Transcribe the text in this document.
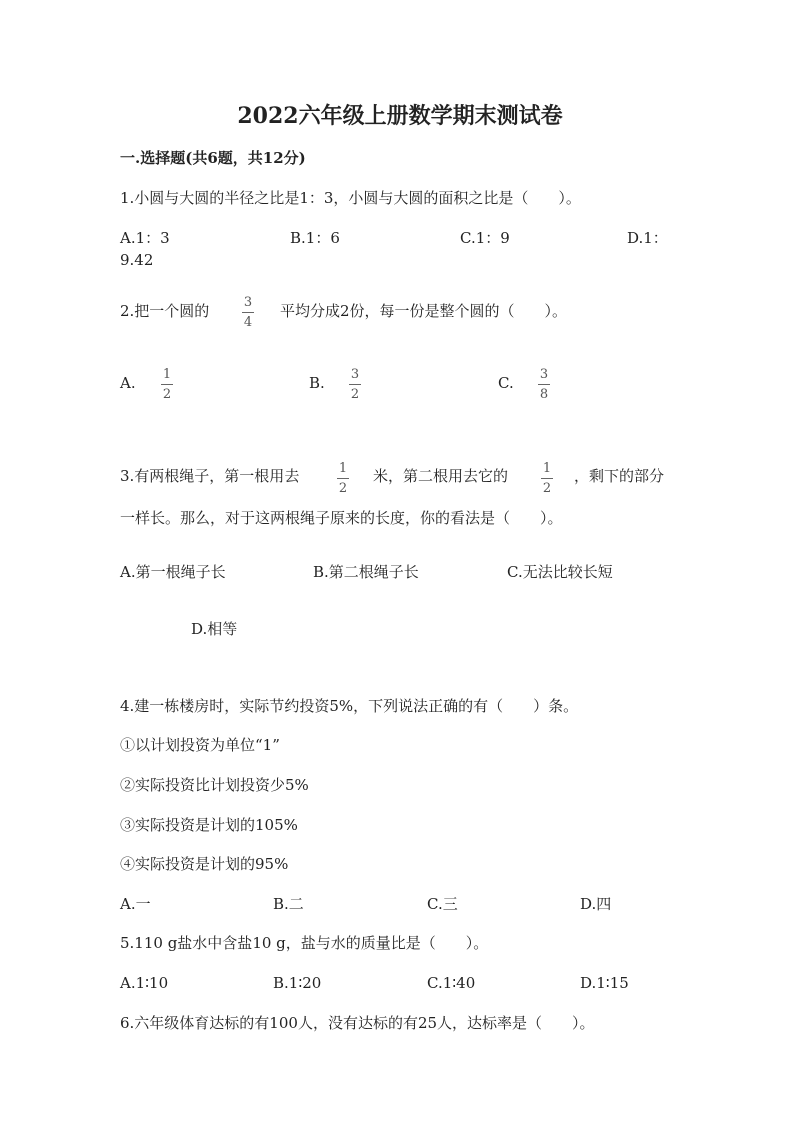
2022六年级上册数学期末测试卷
一.选择题(共6题，共12分)
1.小圆与大圆的半径之比是1：3，小圆与大圆的面积之比是（　　）。
A.1：3	B.1：6	C.1：9	D.1：
9.42
2.把一个圆的	3
4
平均分成2份，每一份是整个圆的（　　）。
A. 1
2
B. 3
2
C. 3
8
3.有两根绳子，第一根用去	1
2
米，第二根用去它的	1
2
，剩下的部分
一样长。那么，对于这两根绳子原来的长度，你的看法是（　　）。
A.第一根绳子长	B.第二根绳子长	C.无法比较长短
D.相等
4.建一栋楼房时，实际节约投资5%，下列说法正确的有（　　）条。
①以计划投资为单位“1”
②实际投资比计划投资少5%
③实际投资是计划的105%
④实际投资是计划的95%
A.一	B.二	C.三	D.四
5.110 g盐水中含盐10 g，盐与水的质量比是（　　）。
A.1∶10	B.1∶20	C.1∶40	D.1∶15
6.六年级体育达标的有100人，没有达标的有25人，达标率是（　　）。
